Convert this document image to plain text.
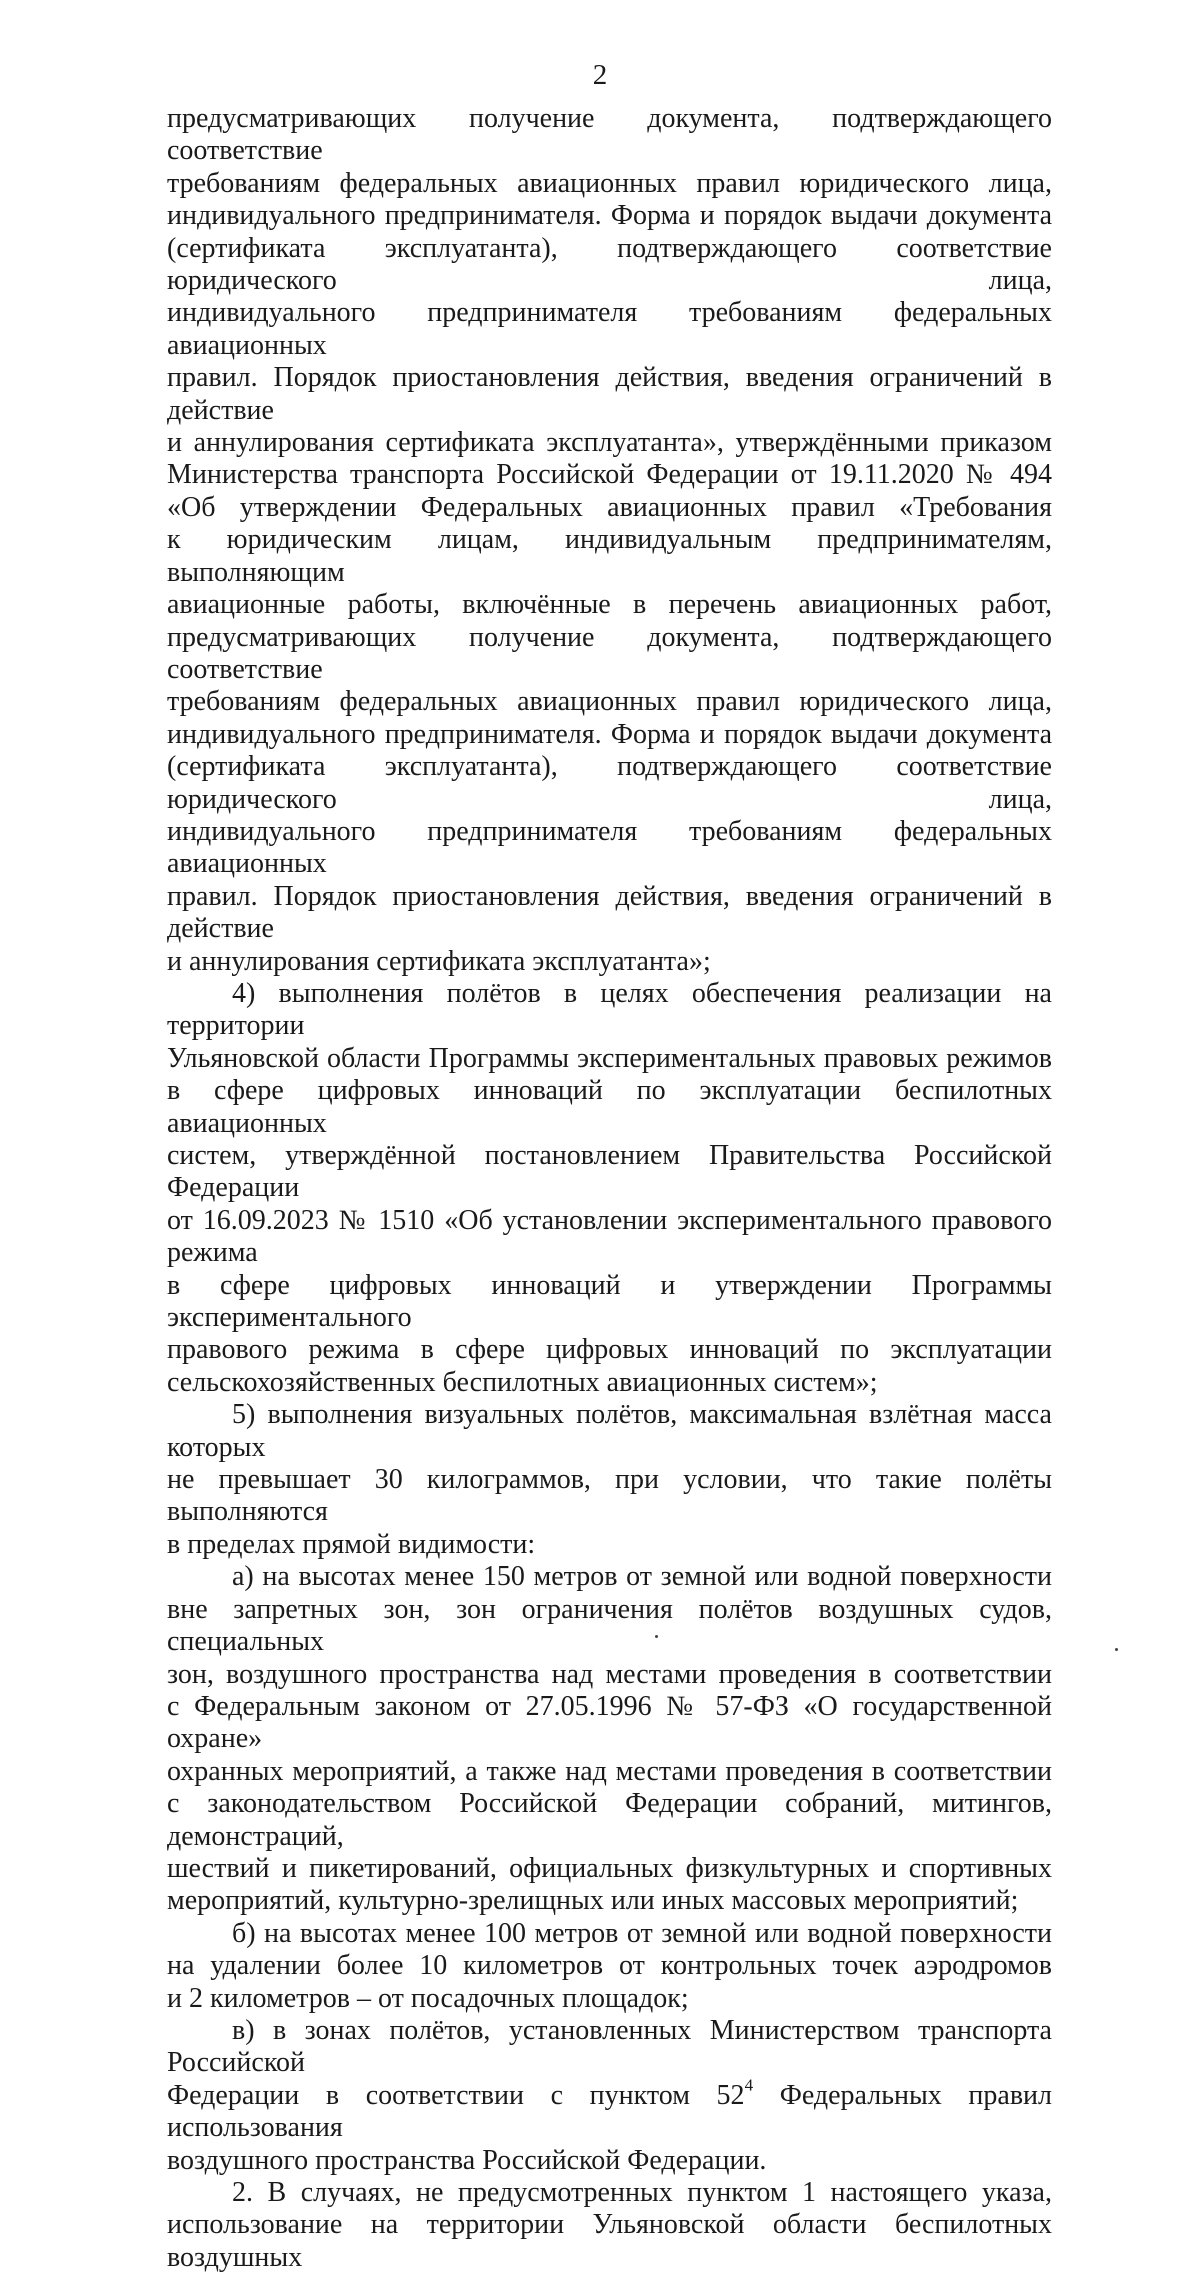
2

предусматривающих получение документа, подтверждающего соответствие

требованиям федеральных авиационных правил юридического лица,

индивидуального предпринимателя. Форма и порядок выдачи документа

(сертификата эксплуатанта), подтверждающего соответствие юридического лица,

индивидуального предпринимателя требованиям федеральных авиационных

правил. Порядок приостановления действия, введения ограничений в действие

и аннулирования сертификата эксплуатанта», утверждёнными приказом

Министерства транспорта Российской Федерации от 19.11.2020 № 494

«Об утверждении Федеральных авиационных правил «Требования

к юридическим лицам, индивидуальным предпринимателям, выполняющим

авиационные работы, включённые в перечень авиационных работ,

предусматривающих получение документа, подтверждающего соответствие

требованиям федеральных авиационных правил юридического лица,

индивидуального предпринимателя. Форма и порядок выдачи документа

(сертификата эксплуатанта), подтверждающего соответствие юридического лица,

индивидуального предпринимателя требованиям федеральных авиационных

правил. Порядок приостановления действия, введения ограничений в действие

и аннулирования сертификата эксплуатанта»;

4) выполнения полётов в целях обеспечения реализации на территории

Ульяновской области Программы экспериментальных правовых режимов

в сфере цифровых инноваций по эксплуатации беспилотных авиационных

систем, утверждённой постановлением Правительства Российской Федерации

от 16.09.2023 № 1510 «Об установлении экспериментального правового режима

в сфере цифровых инноваций и утверждении Программы экспериментального

правового режима в сфере цифровых инноваций по эксплуатации

сельскохозяйственных беспилотных авиационных систем»;

5) выполнения визуальных полётов, максимальная взлётная масса которых

не превышает 30 килограммов, при условии, что такие полёты выполняются

в пределах прямой видимости:

а) на высотах менее 150 метров от земной или водной поверхности

вне запретных зон, зон ограничения полётов воздушных судов, специальных

зон, воздушного пространства над местами проведения в соответствии

с Федеральным законом от 27.05.1996 № 57-ФЗ «О государственной охране»

охранных мероприятий, а также над местами проведения в соответствии

с законодательством Российской Федерации собраний, митингов, демонстраций,

шествий и пикетирований, официальных физкультурных и спортивных

мероприятий, культурно-зрелищных или иных массовых мероприятий;

б) на высотах менее 100 метров от земной или водной поверхности

на удалении более 10 километров от контрольных точек аэродромов

и 2 километров – от посадочных площадок;

в) в зонах полётов, установленных Министерством транспорта Российской

Федерации в соответствии с пунктом $52^4$ Федеральных правил использования

воздушного пространства Российской Федерации.

2. В случаях, не предусмотренных пунктом 1 настоящего указа,

использование на территории Ульяновской области беспилотных воздушных
